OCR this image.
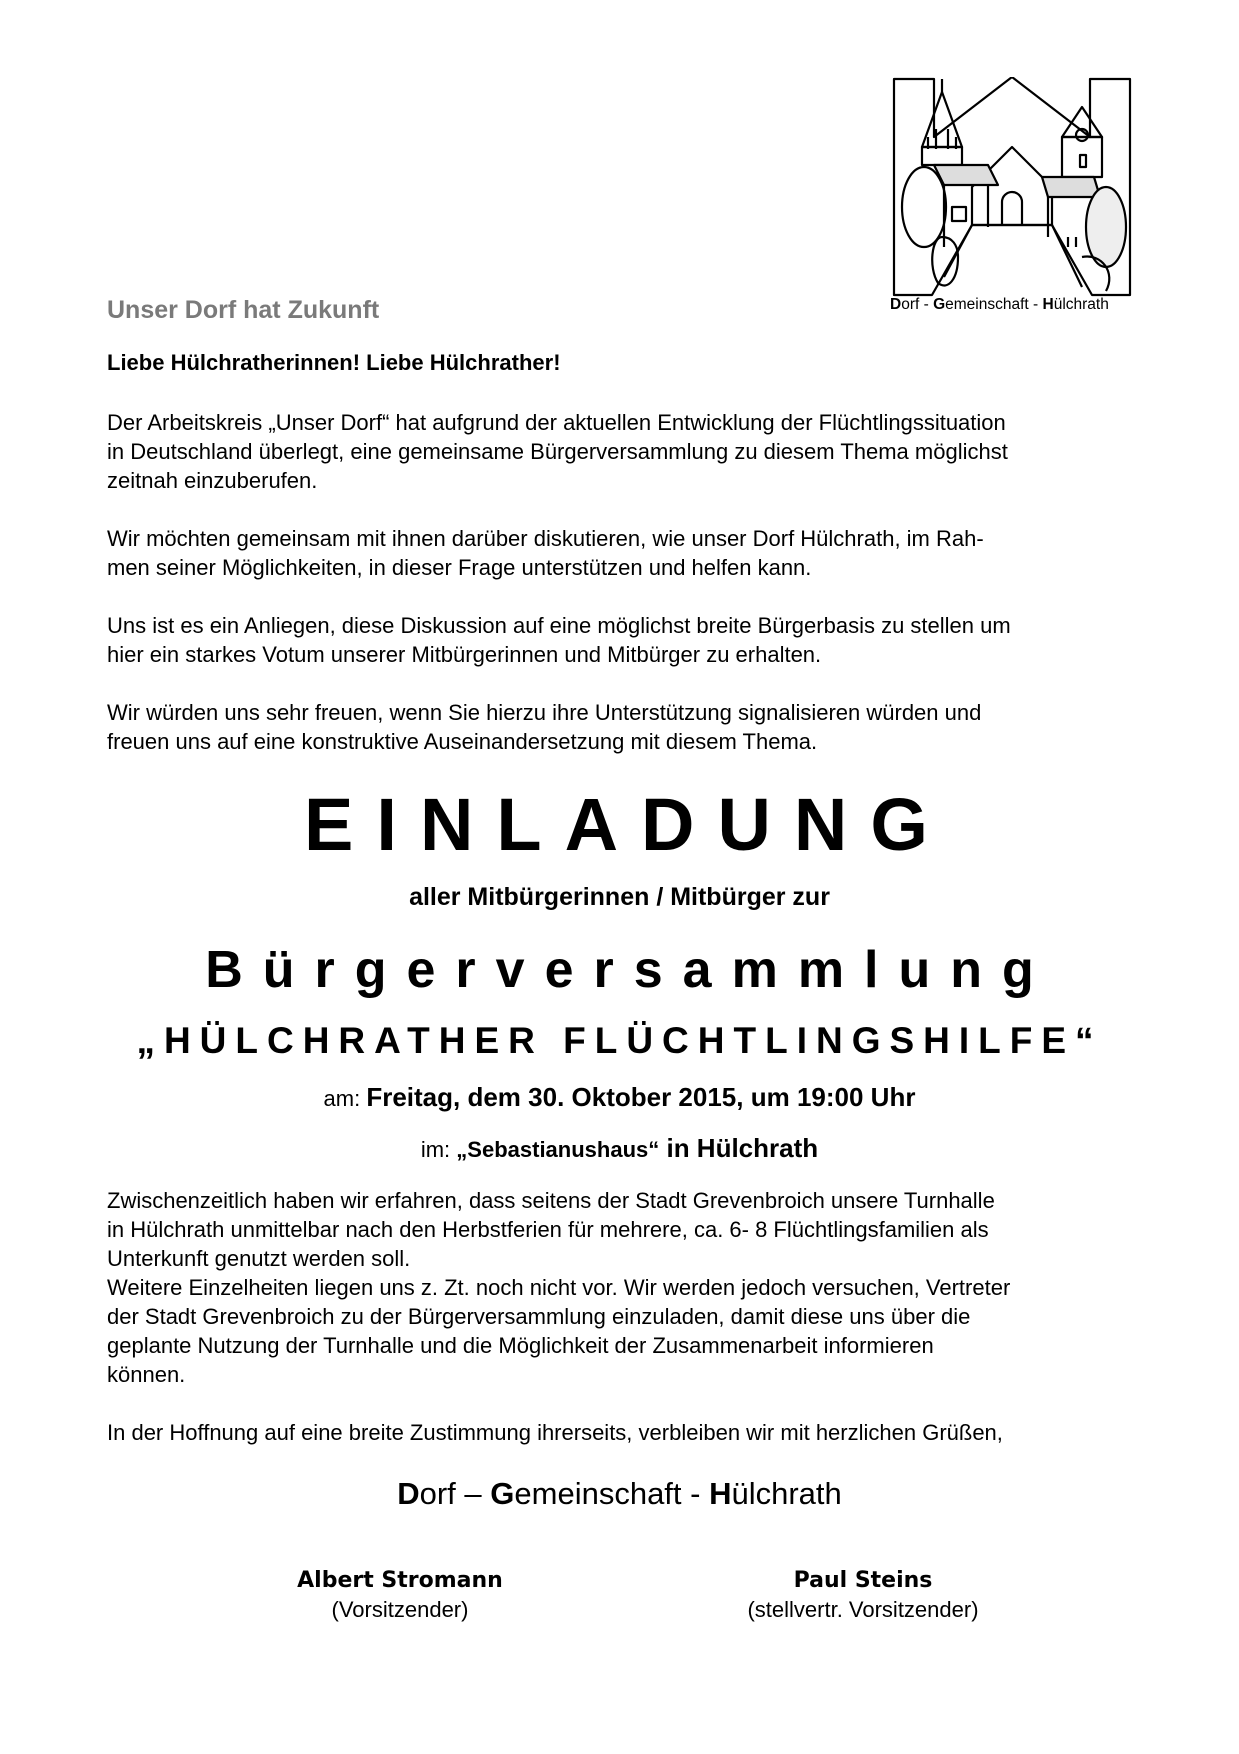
Dorf - Gemeinschaft - Hülchrath
Unser Dorf hat Zukunft
Liebe Hülchratherinnen! Liebe Hülchrather!
Der Arbeitskreis „Unser Dorf“ hat aufgrund der aktuellen Entwicklung der Flüchtlingssituation
in Deutschland überlegt, eine gemeinsame Bürgerversammlung zu diesem Thema möglichst
zeitnah einzuberufen.
Wir möchten gemeinsam mit ihnen darüber diskutieren, wie unser Dorf Hülchrath, im Rah-
men seiner Möglichkeiten, in dieser Frage unterstützen und helfen kann.
Uns ist es ein Anliegen, diese Diskussion auf eine möglichst breite Bürgerbasis zu stellen um
hier ein starkes Votum unserer Mitbürgerinnen und Mitbürger zu erhalten.
Wir würden uns sehr freuen, wenn Sie hierzu ihre Unterstützung signalisieren würden und
freuen uns auf eine konstruktive Auseinandersetzung mit diesem Thema.
EINLADUNG
aller Mitbürgerinnen / Mitbürger zur
Bürgerversammlung
„HÜLCHRATHER FLÜCHTLINGSHILFE“
am: Freitag, dem 30. Oktober 2015, um 19:00 Uhr
im: „Sebastianushaus“ in Hülchrath
Zwischenzeitlich haben wir erfahren, dass seitens der Stadt Grevenbroich unsere Turnhalle
in Hülchrath unmittelbar nach den Herbstferien für mehrere, ca. 6- 8 Flüchtlingsfamilien als
Unterkunft genutzt werden soll.
Weitere Einzelheiten liegen uns z. Zt. noch nicht vor. Wir werden jedoch versuchen, Vertreter
der Stadt Grevenbroich zu der Bürgerversammlung einzuladen, damit diese uns über die
geplante Nutzung der Turnhalle und die Möglichkeit der Zusammenarbeit informieren
können.
In der Hoffnung auf eine breite Zustimmung ihrerseits, verbleiben wir mit herzlichen Grüßen,
Dorf – Gemeinschaft - Hülchrath
Albert Stromann
(Vorsitzender)
Paul Steins
(stellvertr. Vorsitzender)
